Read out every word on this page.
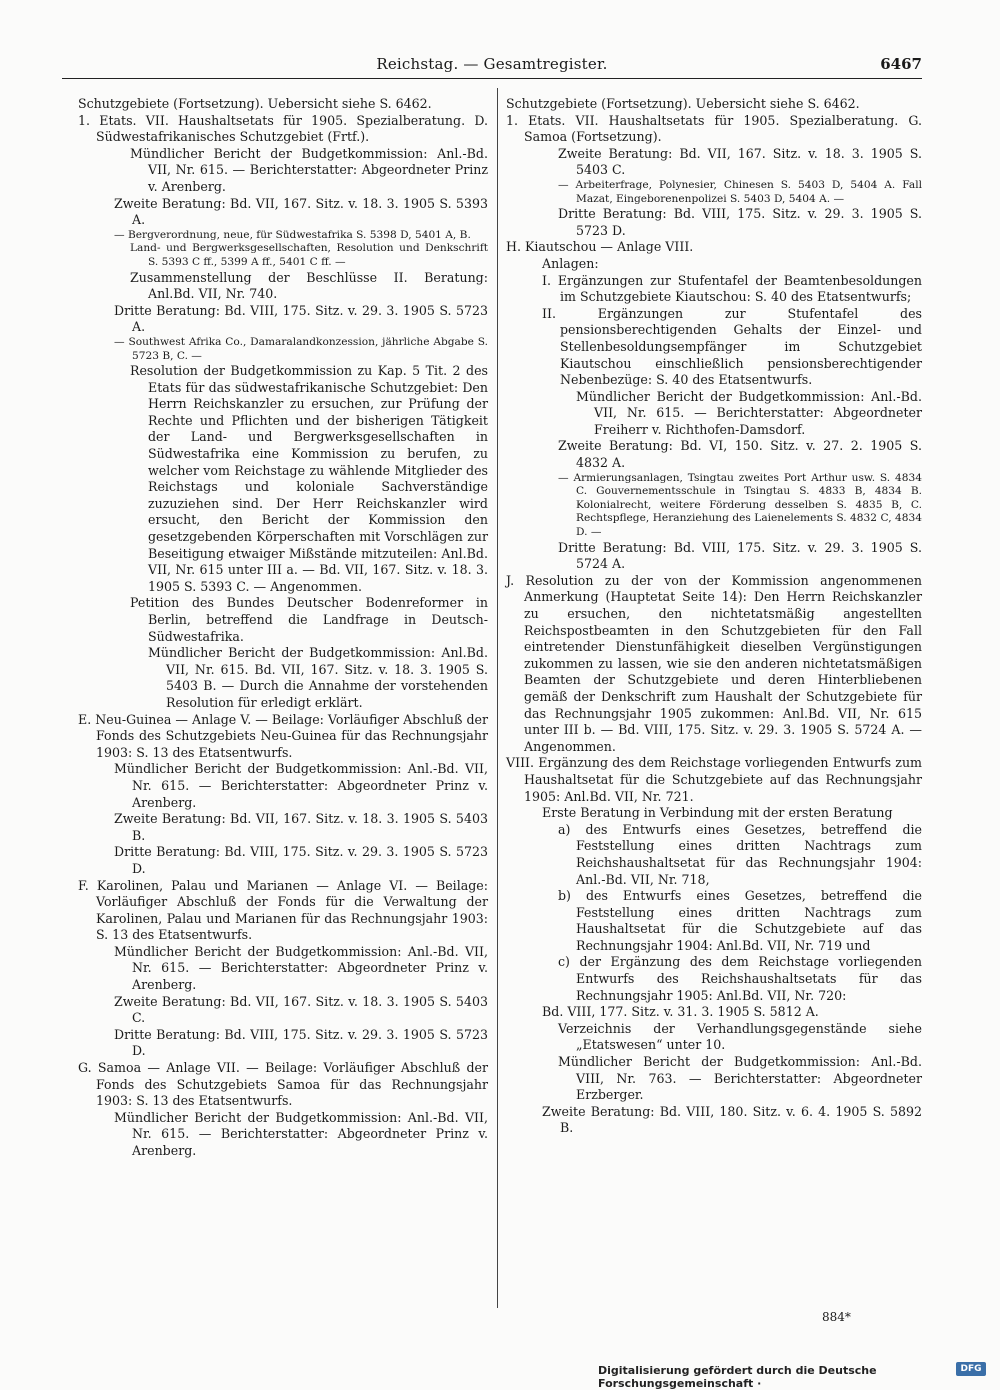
Reichstag. — Gesamtregister.	6467

Schutzgebiete (Fortsetzung). Uebersicht siehe S. 6462.

1. Etats. VII. Haushaltsetats für 1905. Spezialberatung. D. Südwestafrikanisches Schutzgebiet (Frtf.).

Mündlicher Bericht der Budgetkommission: Anl.-Bd. VII, Nr. 615. — Berichterstatter: Abgeordneter Prinz v. Arenberg.

Zweite Beratung: Bd. VII, 167. Sitz. v. 18. 3. 1905 S. 5393 A.

— Bergverordnung, neue, für Südwestafrika S. 5398 D, 5401 A, B.

Land- und Bergwerksgesellschaften, Resolution und Denkschrift S. 5393 C ff., 5399 A ff., 5401 C ff. —

Zusammenstellung der Beschlüsse II. Beratung: Anl.Bd. VII, Nr. 740.

Dritte Beratung: Bd. VIII, 175. Sitz. v. 29. 3. 1905 S. 5723 A.

— Southwest Afrika Co., Damaralandkonzession, jährliche Abgabe S. 5723 B, C. —

Resolution der Budgetkommission zu Kap. 5 Tit. 2 des Etats für das südwestafrikanische Schutzgebiet: Den Herrn Reichskanzler zu ersuchen, zur Prüfung der Rechte und Pflichten und der bisherigen Tätigkeit der Land- und Bergwerksgesellschaften in Südwestafrika eine Kommission zu berufen, zu welcher vom Reichstage zu wählende Mitglieder des Reichstags und koloniale Sachverständige zuzuziehen sind. Der Herr Reichskanzler wird ersucht, den Bericht der Kommission den gesetzgebenden Körperschaften mit Vorschlägen zur Beseitigung etwaiger Mißstände mitzuteilen: Anl.Bd. VII, Nr. 615 unter III a. — Bd. VII, 167. Sitz. v. 18. 3. 1905 S. 5393 C. — Angenommen.

Petition des Bundes Deutscher Bodenreformer in Berlin, betreffend die Landfrage in Deutsch-Südwestafrika.

Mündlicher Bericht der Budgetkommission: Anl.Bd. VII, Nr. 615. Bd. VII, 167. Sitz. v. 18. 3. 1905 S. 5403 B. — Durch die Annahme der vorstehenden Resolution für erledigt erklärt.

E. Neu-Guinea — Anlage V. — Beilage: Vorläufiger Abschluß der Fonds des Schutzgebiets Neu-Guinea für das Rechnungsjahr 1903: S. 13 des Etatsentwurfs.

Mündlicher Bericht der Budgetkommission: Anl.-Bd. VII, Nr. 615. — Berichterstatter: Abgeordneter Prinz v. Arenberg.

Zweite Beratung: Bd. VII, 167. Sitz. v. 18. 3. 1905 S. 5403 B.

Dritte Beratung: Bd. VIII, 175. Sitz. v. 29. 3. 1905 S. 5723 D.

F. Karolinen, Palau und Marianen — Anlage VI. — Beilage: Vorläufiger Abschluß der Fonds für die Verwaltung der Karolinen, Palau und Marianen für das Rechnungsjahr 1903: S. 13 des Etatsentwurfs.

Mündlicher Bericht der Budgetkommission: Anl.-Bd. VII, Nr. 615. — Berichterstatter: Abgeordneter Prinz v. Arenberg.

Zweite Beratung: Bd. VII, 167. Sitz. v. 18. 3. 1905 S. 5403 C.

Dritte Beratung: Bd. VIII, 175. Sitz. v. 29. 3. 1905 S. 5723 D.

G. Samoa — Anlage VII. — Beilage: Vorläufiger Abschluß der Fonds des Schutzgebiets Samoa für das Rechnungsjahr 1903: S. 13 des Etatsentwurfs.

Mündlicher Bericht der Budgetkommission: Anl.-Bd. VII, Nr. 615. — Berichterstatter: Abgeordneter Prinz v. Arenberg.

Schutzgebiete (Fortsetzung). Uebersicht siehe S. 6462.

1. Etats. VII. Haushaltsetats für 1905. Spezialberatung. G. Samoa (Fortsetzung).

Zweite Beratung: Bd. VII, 167. Sitz. v. 18. 3. 1905 S. 5403 C.

— Arbeiterfrage, Polynesier, Chinesen S. 5403 D, 5404 A. Fall Mazat, Eingeborenenpolizei S. 5403 D, 5404 A. —

Dritte Beratung: Bd. VIII, 175. Sitz. v. 29. 3. 1905 S. 5723 D.

H. Kiautschou — Anlage VIII.

Anlagen:

I. Ergänzungen zur Stufentafel der Beamtenbesoldungen im Schutzgebiete Kiautschou: S. 40 des Etatsentwurfs;

II. Ergänzungen zur Stufentafel des pensionsberechtigenden Gehalts der Einzel- und Stellenbesoldungsempfänger im Schutzgebiet Kiautschou einschließlich pensionsberechtigender Nebenbezüge: S. 40 des Etatsentwurfs.

Mündlicher Bericht der Budgetkommission: Anl.-Bd. VII, Nr. 615. — Berichterstatter: Abgeordneter Freiherr v. Richthofen-Damsdorf.

Zweite Beratung: Bd. VI, 150. Sitz. v. 27. 2. 1905 S. 4832 A.

— Armierungsanlagen, Tsingtau zweites Port Arthur usw. S. 4834 C. Gouvernementsschule in Tsingtau S. 4833 B, 4834 B. Kolonialrecht, weitere Förderung desselben S. 4835 B, C. Rechtspflege, Heranziehung des Laienelements S. 4832 C, 4834 D. —

Dritte Beratung: Bd. VIII, 175. Sitz. v. 29. 3. 1905 S. 5724 A.

J. Resolution zu der von der Kommission angenommenen Anmerkung (Hauptetat Seite 14): Den Herrn Reichskanzler zu ersuchen, den nichtetatsmäßig angestellten Reichspostbeamten in den Schutzgebieten für den Fall eintretender Dienstunfähigkeit dieselben Vergünstigungen zukommen zu lassen, wie sie den anderen nichtetatsmäßigen Beamten der Schutzgebiete und deren Hinterbliebenen gemäß der Denkschrift zum Haushalt der Schutzgebiete für das Rechnungsjahr 1905 zukommen: Anl.Bd. VII, Nr. 615 unter III b. — Bd. VIII, 175. Sitz. v. 29. 3. 1905 S. 5724 A. — Angenommen.

VIII. Ergänzung des dem Reichstage vorliegenden Entwurfs zum Haushaltsetat für die Schutzgebiete auf das Rechnungsjahr 1905: Anl.Bd. VII, Nr. 721.

Erste Beratung in Verbindung mit der ersten Beratung

a) des Entwurfs eines Gesetzes, betreffend die Feststellung eines dritten Nachtrags zum Reichshaushaltsetat für das Rechnungsjahr 1904: Anl.-Bd. VII, Nr. 718,

b) des Entwurfs eines Gesetzes, betreffend die Feststellung eines dritten Nachtrags zum Haushaltsetat für die Schutzgebiete auf das Rechnungsjahr 1904: Anl.Bd. VII, Nr. 719 und

c) der Ergänzung des dem Reichstage vorliegenden Entwurfs des Reichshaushaltsetats für das Rechnungsjahr 1905: Anl.Bd. VII, Nr. 720:

Bd. VIII, 177. Sitz. v. 31. 3. 1905 S. 5812 A.

Verzeichnis der Verhandlungsgegenstände siehe „Etatswesen“ unter 10.

Mündlicher Bericht der Budgetkommission: Anl.-Bd. VIII, Nr. 763. — Berichterstatter: Abgeordneter Erzberger.

Zweite Beratung: Bd. VIII, 180. Sitz. v. 6. 4. 1905 S. 5892 B.

884*
Digitalisierung gefördert durch die Deutsche Forschungsgemeinschaft ·
DFG
